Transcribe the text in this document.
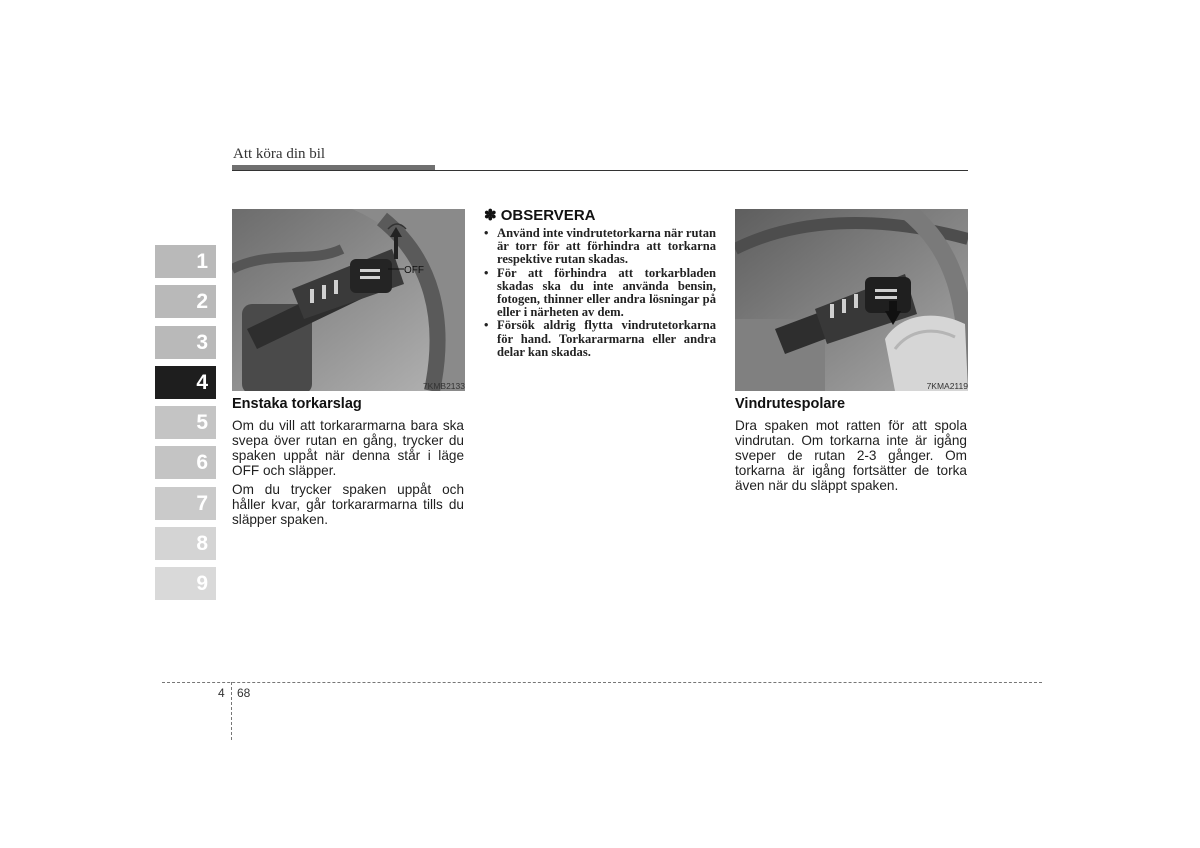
Att köra din bil
1
2
3
4
5
6
7
8
9
OFF
7KMB2133
Enstaka torkarslag

Om du vill att torkararmarna bara ska svepa över rutan en gång, trycker du spaken uppåt när denna står i läge OFF och släpper.

Om du trycker spaken uppåt och håller kvar, går torkararmarna tills du släpper spaken.

✽ OBSERVERA
• Använd inte vindrutetorkarna när rutan är torr för att förhindra att torkarna respektive rutan skadas.
• För att förhindra att torkarbladen skadas ska du inte använda bensin, fotogen, thinner eller andra lösningar på eller i närheten av dem.
• Försök aldrig flytta vindrutetorkarna för hand. Torkararmarna eller andra delar kan skadas.
7KMA2119
Vindrutespolare

Dra spaken mot ratten för att spola vindrutan. Om torkarna inte är igång sveper de rutan 2-3 gånger. Om torkarna är igång fortsätter de torka även när du släppt spaken.

4 68
